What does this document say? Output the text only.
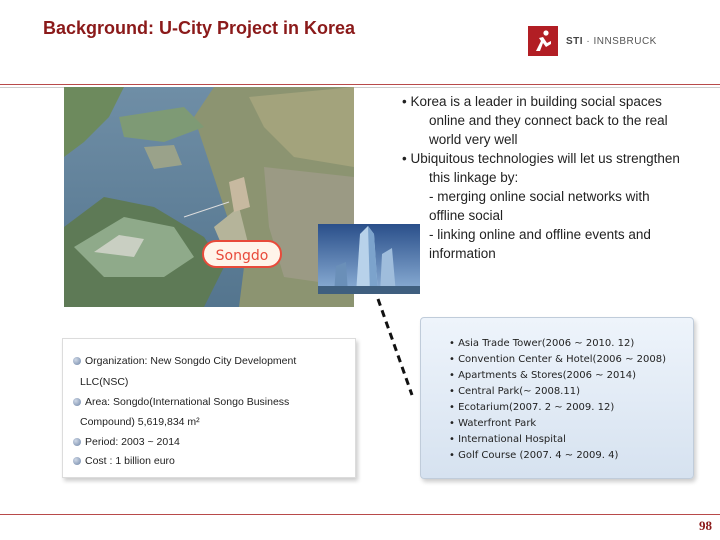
Background: U-City Project in Korea
STI · INNSBRUCK
Songdo
• Korea is a leader in building social spaces
online and they connect back to the real
world very well
• Ubiquitous technologies will let us strengthen
this linkage by:
- merging online social networks with
offline social
- linking online and offline events and
information
Organization: New Songdo City Development
LLC(NSC)
Area: Songdo(International Songo Business
Compound) 5,619,834 m²
Period: 2003 ~ 2014
Cost : 1 billion euro
• Asia Trade Tower(2006 ~ 2010. 12)
• Convention Center & Hotel(2006 ~ 2008)
• Apartments & Stores(2006 ~ 2014)
• Central Park(~ 2008.11)
• Ecotarium(2007. 2 ~ 2009. 12)
• Waterfront Park
• International Hospital
• Golf Course (2007. 4 ~ 2009. 4)
98
